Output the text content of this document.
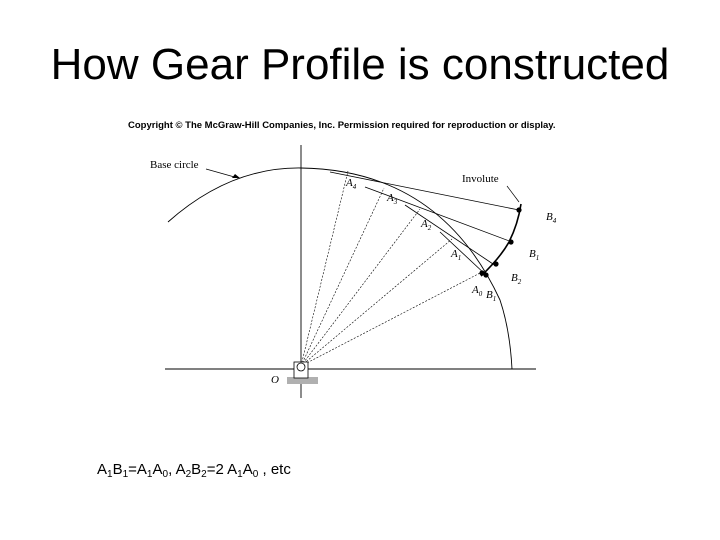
How Gear Profile is constructed
Copyright © The McGraw-Hill Companies, Inc. Permission required for reproduction or display.
Base circle
Involute
O
$A_4$
$A_3$
$A_2$
$A_1$
$A_0$
$B_4$
$B_1$
$B_2$
$B_1$
$A_1B_1=A_1A_0$, $A_2B_2=2$ $A_1A_0$ , etc
